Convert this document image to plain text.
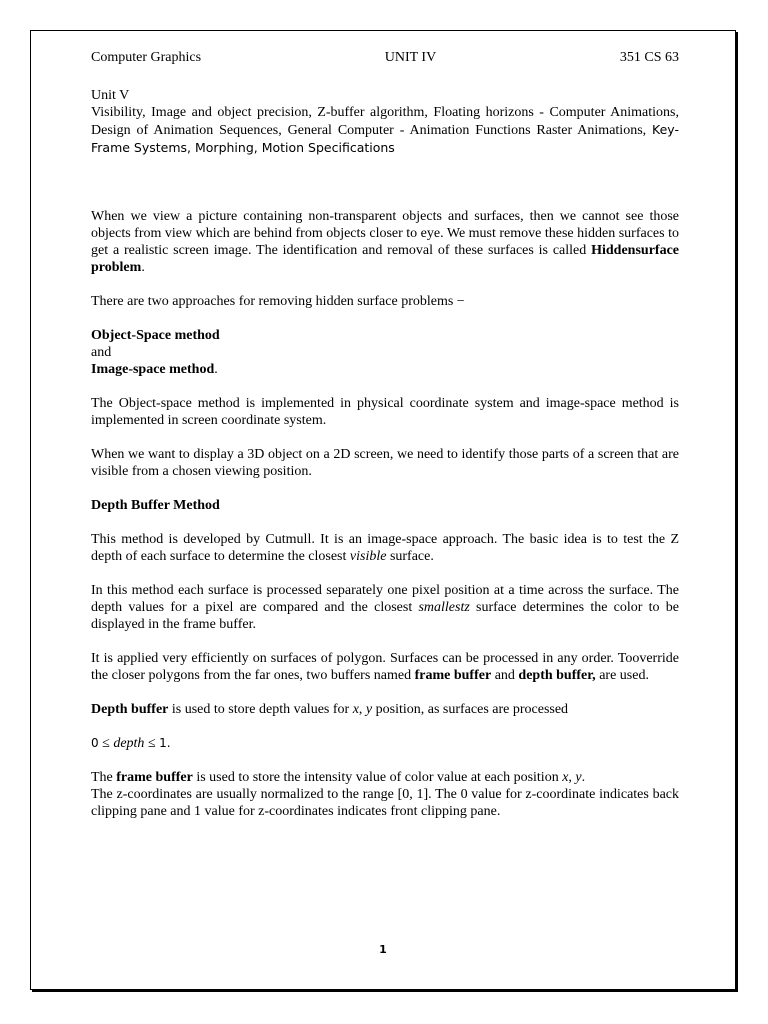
Computer Graphics	UNIT IV	351 CS 63
Unit V

Visibility, Image and object precision, Z-buffer algorithm, Floating horizons - Computer Animations, Design of Animation Sequences, General Computer - Animation Functions Raster Animations, Key-Frame Systems, Morphing, Motion Specifications

When we view a picture containing non-transparent objects and surfaces, then we cannot see those objects from view which are behind from objects closer to eye. We must remove these hidden surfaces to get a realistic screen image. The identification and removal of these surfaces is called Hiddensurface problem.

There are two approaches for removing hidden surface problems −

Object-Space method
and
Image-space method.

The Object-space method is implemented in physical coordinate system and image-space method is implemented in screen coordinate system.

When we want to display a 3D object on a 2D screen, we need to identify those parts of a screen that are visible from a chosen viewing position.

Depth Buffer Method

This method is developed by Cutmull. It is an image-space approach. The basic idea is to test the Z depth of each surface to determine the closest visible surface.

In this method each surface is processed separately one pixel position at a time across the surface. The depth values for a pixel are compared and the closest smallestz surface determines the color to be displayed in the frame buffer.

It is applied very efficiently on surfaces of polygon. Surfaces can be processed in any order. Tooverride the closer polygons from the far ones, two buffers named frame buffer and depth buffer, are used.

Depth buffer is used to store depth values for x, y position, as surfaces are processed

0 ≤ depth ≤ 1.

The frame buffer is used to store the intensity value of color value at each position x, y.

The z-coordinates are usually normalized to the range [0, 1]. The 0 value for z-coordinate indicates back clipping pane and 1 value for z-coordinates indicates front clipping pane.

1
